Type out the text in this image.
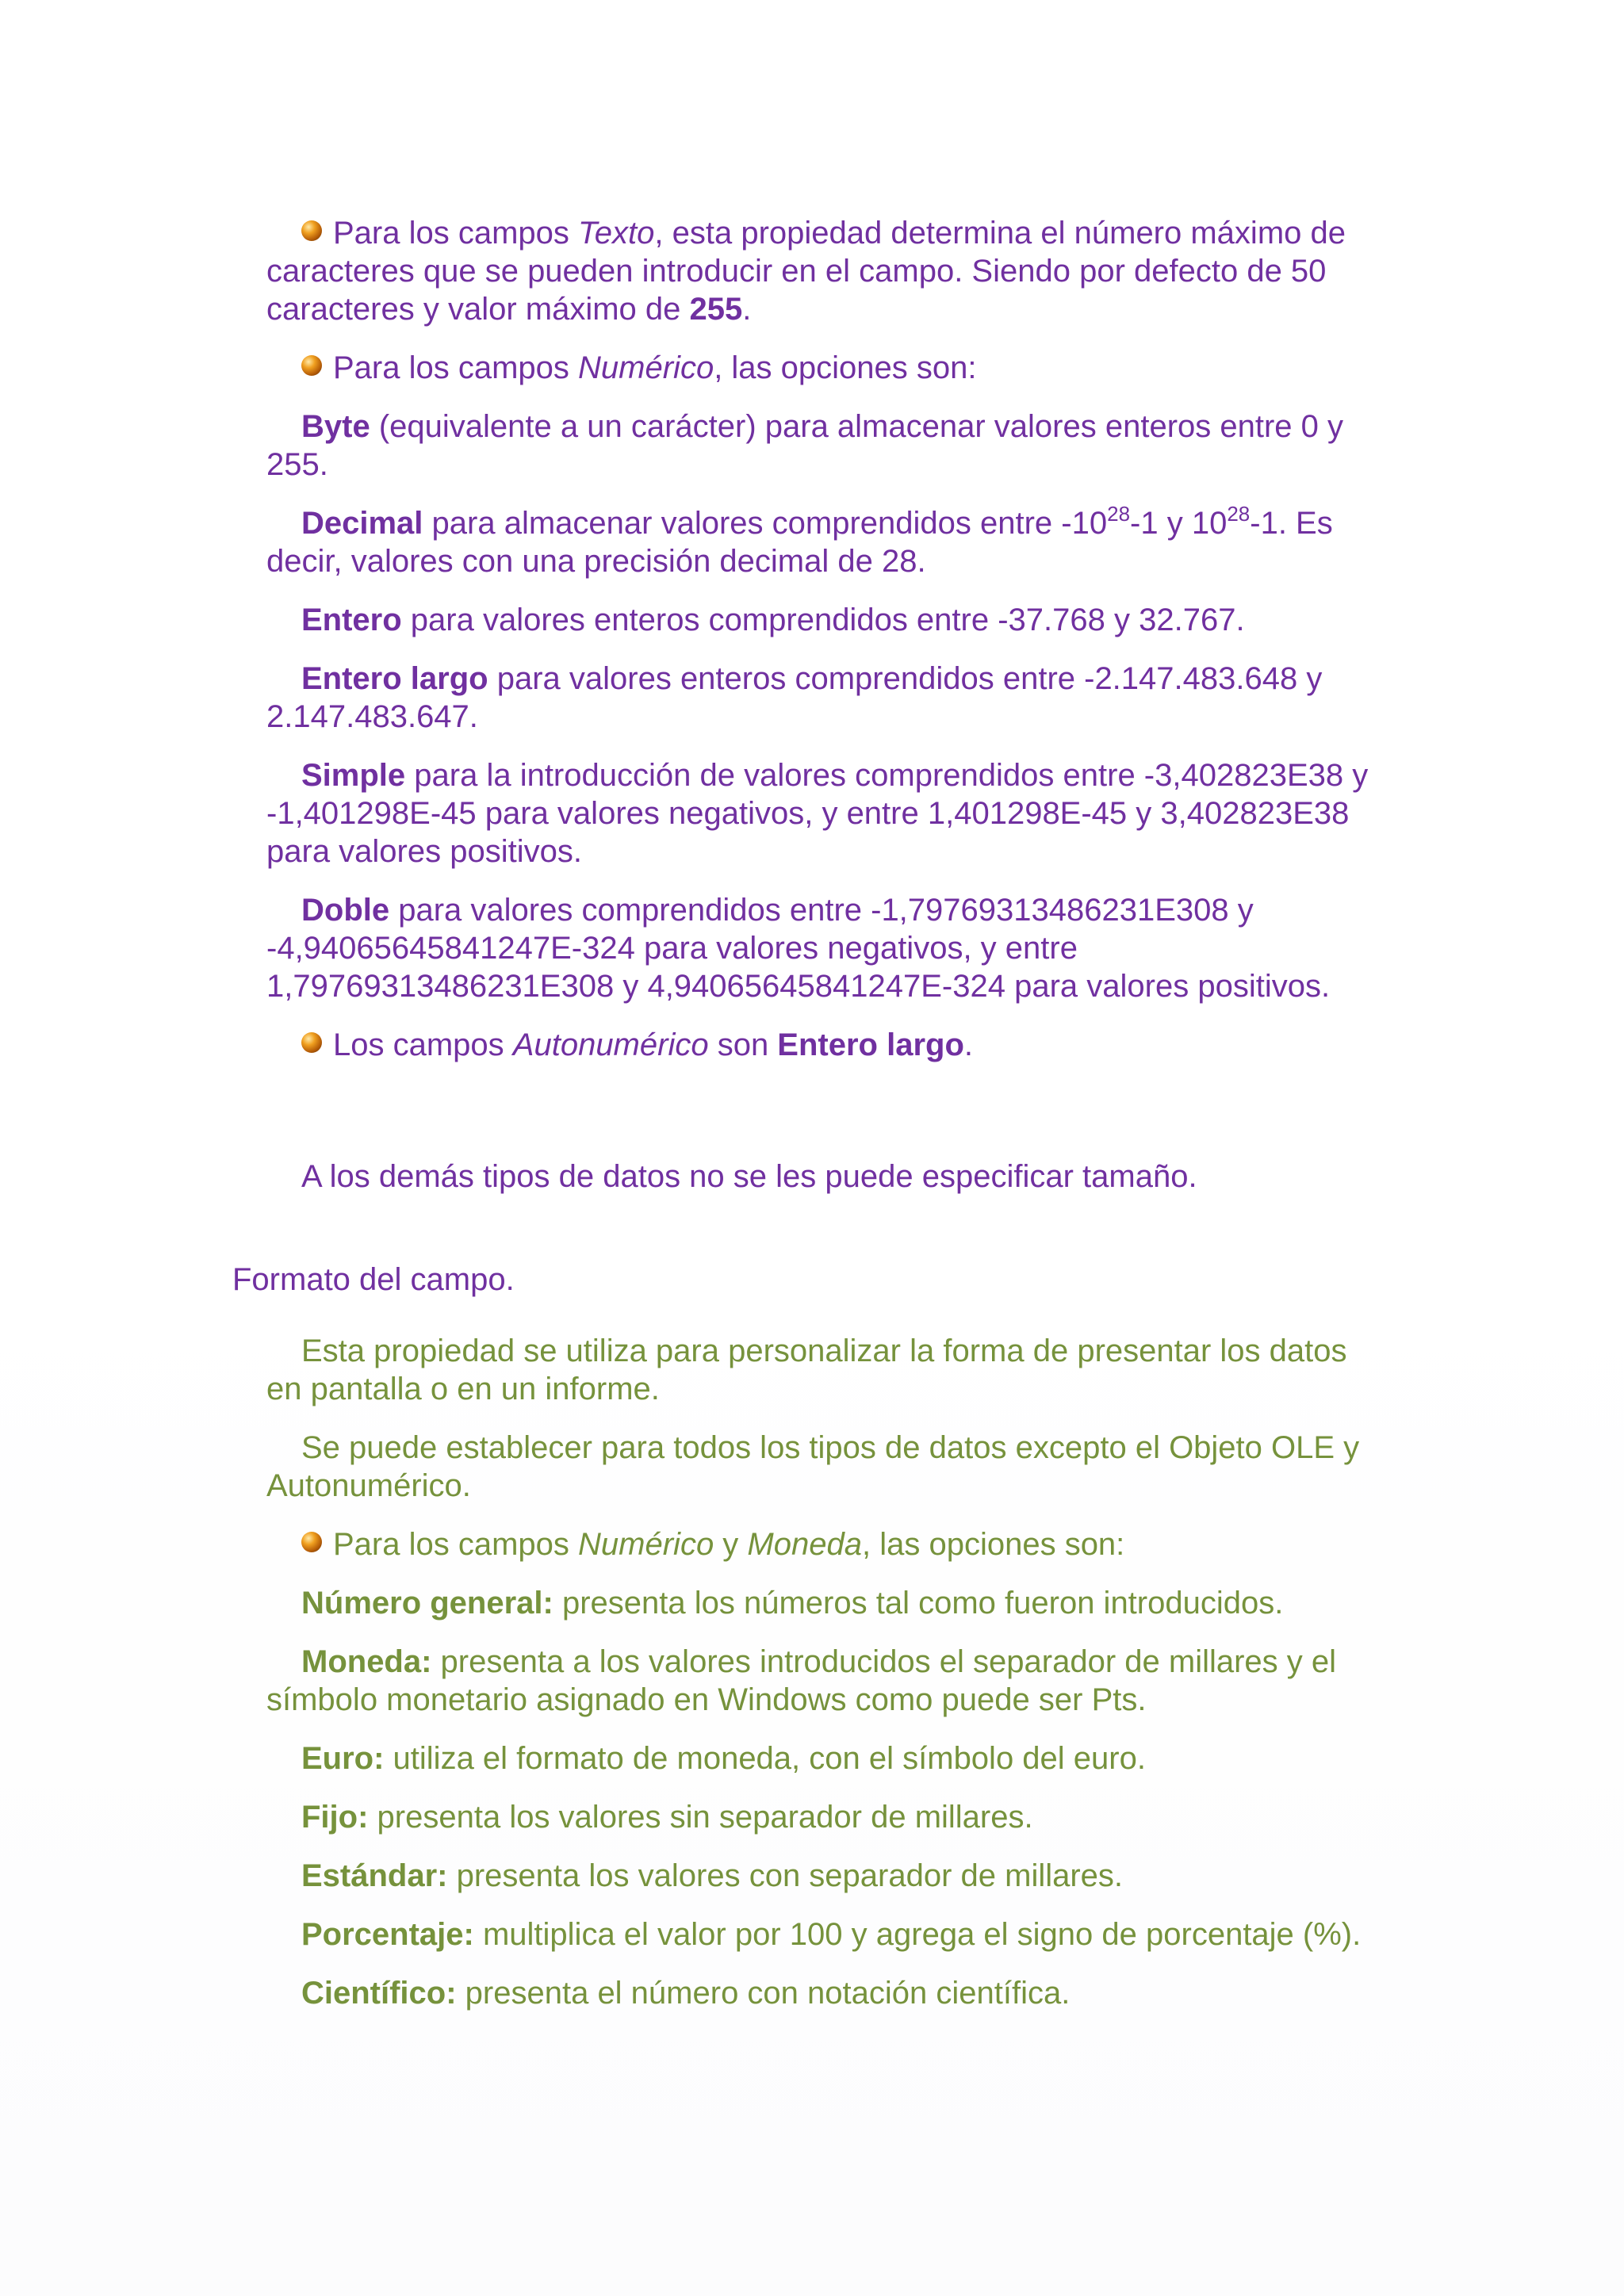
Para los campos Texto, esta propiedad determina el número máximo de caracteres que se pueden introducir en el campo. Siendo por defecto de 50 caracteres y valor máximo de 255.

Para los campos Numérico, las opciones son:

Byte (equivalente a un carácter) para almacenar valores enteros entre 0 y 255.

Decimal para almacenar valores comprendidos entre $-10^{28}-1$ y $10^{28}-1$. Es decir, valores con una precisión decimal de 28.

Entero para valores enteros comprendidos entre -37.768 y 32.767.

Entero largo para valores enteros comprendidos entre -2.147.483.648 y 2.147.483.647.

Simple para la introducción de valores comprendidos entre -3,402823E38 y -1,401298E-45 para valores negativos, y entre 1,401298E-45 y 3,402823E38 para valores positivos.

Doble para valores comprendidos entre -1,79769313486231E308 y -4,94065645841247E-324 para valores negativos, y entre 1,79769313486231E308 y 4,94065645841247E-324 para valores positivos.

Los campos Autonumérico son Entero largo.

A los demás tipos de datos no se les puede especificar tamaño.

Formato del campo.

Esta propiedad se utiliza para personalizar la forma de presentar los datos en pantalla o en un informe.

Se puede establecer para todos los tipos de datos excepto el Objeto OLE y Autonumérico.

Para los campos Numérico y Moneda, las opciones son:

Número general: presenta los números tal como fueron introducidos.

Moneda: presenta a los valores introducidos el separador de millares y el símbolo monetario asignado en Windows como puede ser Pts.

Euro: utiliza el formato de moneda, con el símbolo del euro.

Fijo: presenta los valores sin separador de millares.

Estándar: presenta los valores con separador de millares.

Porcentaje: multiplica el valor por 100 y agrega el signo de porcentaje (%).

Científico: presenta el número con notación científica.
